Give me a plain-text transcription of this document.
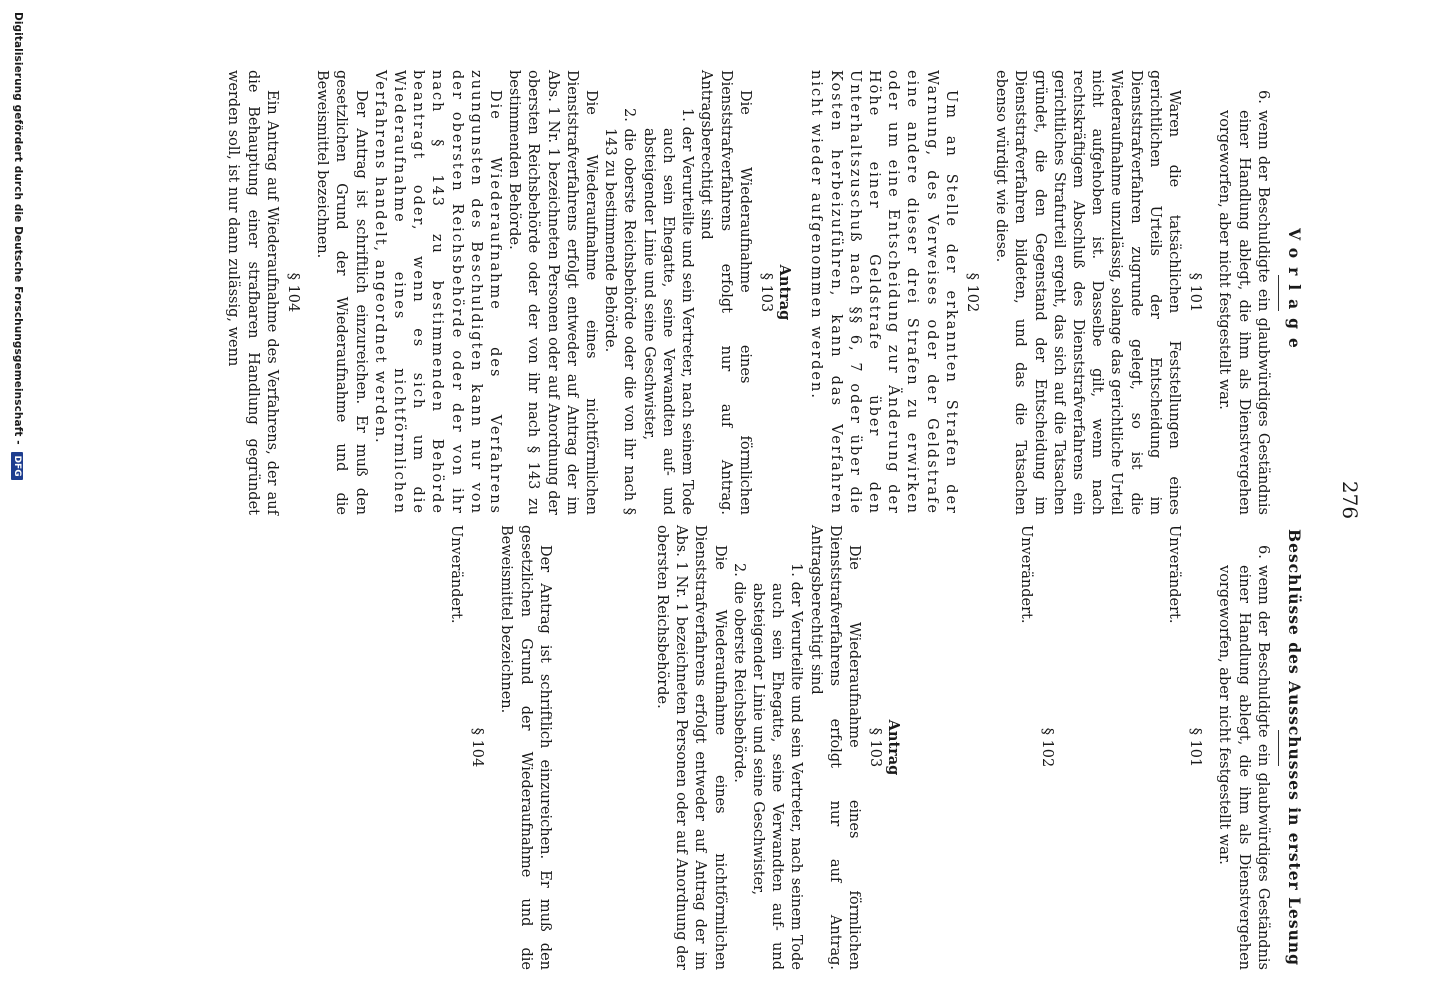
276

Vorlage

6. wenn der Beschuldigte ein glaubwürdiges Geständnis einer Handlung ablegt, die ihm als Dienstvergehen vorgeworfen, aber nicht festgestellt war.

§ 101

Waren die tatsächlichen Feststellungen eines gerichtlichen Urteils der Entscheidung im Dienststrafverfahren zugrunde gelegt, so ist die Wiederaufnahme unzulässig, solange das gerichtliche Urteil nicht aufgehoben ist. Dasselbe gilt, wenn nach rechtskräftigem Abschluß des Dienststrafverfahrens ein gerichtliches Strafurteil ergeht, das sich auf die Tatsachen gründet, die den Gegenstand der Entscheidung im Dienststrafverfahren bildeten, und das die Tatsachen ebenso würdigt wie diese.

§ 102

Um an Stelle der erkannten Strafen der Warnung, des Verweises oder der Geldstrafe eine andere dieser drei Strafen zu erwirken oder um eine Entscheidung zur Änderung der Höhe einer Geldstrafe über den Unterhaltszuschuß nach §§ 6, 7 oder über die Kosten herbeizuführen, kann das Verfahren nicht wieder aufgenommen werden.

Antrag

§ 103

Die Wiederaufnahme eines förmlichen Dienststrafverfahrens erfolgt nur auf Antrag. Antragsberechtigt sind

1. der Verurteilte und sein Vertreter, nach seinem Tode auch sein Ehegatte, seine Verwandten auf- und absteigender Linie und seine Geschwister,

2. die oberste Reichsbehörde oder die von ihr nach § 143 zu bestimmende Behörde.

Die Wiederaufnahme eines nichtförmlichen Dienststrafverfahrens erfolgt entweder auf Antrag der im Abs. 1 Nr. 1 bezeichneten Personen oder auf Anordnung der obersten Reichsbehörde oder der von ihr nach § 143 zu bestimmenden Behörde.

Die Wiederaufnahme des Verfahrens zuungunsten des Beschuldigten kann nur von der obersten Reichsbehörde oder der von ihr nach § 143 zu bestimmenden Behörde beantragt oder, wenn es sich um die Wiederaufnahme eines nichtförmlichen Verfahrens handelt, angeordnet werden.

Der Antrag ist schriftlich einzureichen. Er muß den gesetzlichen Grund der Wiederaufnahme und die Beweismittel bezeichnen.

§ 104

Ein Antrag auf Wiederaufnahme des Verfahrens, der auf die Behauptung einer strafbaren Handlung gegründet werden soll, ist nur dann zulässig, wenn

Beschlüsse des Ausschusses in erster Lesung

6. wenn der Beschuldigte ein glaubwürdiges Geständnis einer Handlung ablegt, die ihm als Dienstvergehen vorgeworfen, aber nicht festgestellt war.

§ 101

Unverändert.

§ 102

Unverändert.

Antrag

§ 103

Die Wiederaufnahme eines förmlichen Dienststrafverfahrens erfolgt nur auf Antrag. Antragsberechtigt sind

1. der Verurteilte und sein Vertreter, nach seinem Tode auch sein Ehegatte, seine Verwandten auf- und absteigender Linie und seine Geschwister,

2. die oberste Reichsbehörde.

Die Wiederaufnahme eines nichtförmlichen Dienststrafverfahrens erfolgt entweder auf Antrag der im Abs. 1 Nr. 1 bezeichneten Personen oder auf Anordnung der obersten Reichsbehörde.

Der Antrag ist schriftlich einzureichen. Er muß den gesetzlichen Grund der Wiederaufnahme und die Beweismittel bezeichnen.

§ 104

Unverändert.

Digitalisierung gefördert durch die Deutsche Forschungsgemeinschaft - DFG
